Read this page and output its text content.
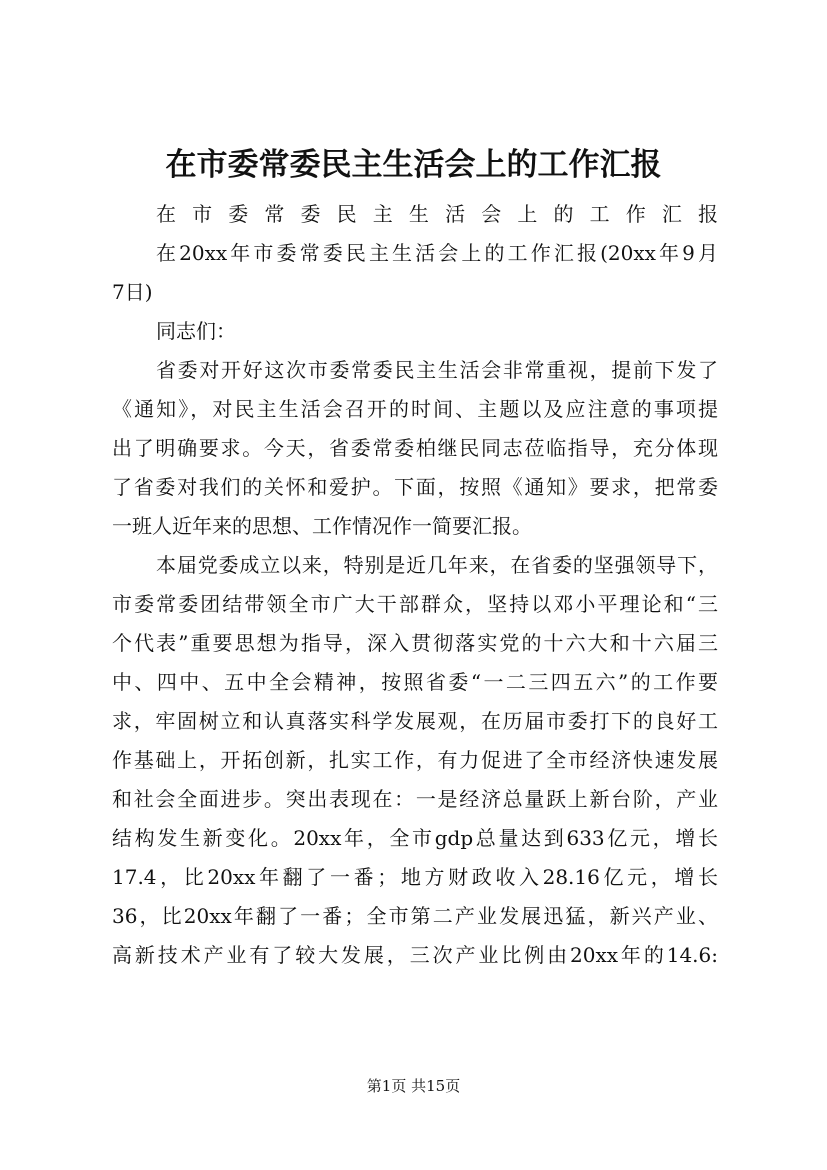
在市委常委民主生活会上的工作汇报
在市委常委民主生活会上的工作汇报
在20xx年市委常委民主生活会上的工作汇报(20xx年9月
7日)
同志们：
省委对开好这次市委常委民主生活会非常重视，提前下发了
《通知》，对民主生活会召开的时间、主题以及应注意的事项提
出了明确要求。今天，省委常委柏继民同志莅临指导，充分体现
了省委对我们的关怀和爱护。下面，按照《通知》要求，把常委
一班人近年来的思想、工作情况作一简要汇报。
本届党委成立以来，特别是近几年来，在省委的坚强领导下，
市委常委团结带领全市广大干部群众，坚持以邓小平理论和“三
个代表”重要思想为指导，深入贯彻落实党的十六大和十六届三
中、四中、五中全会精神，按照省委“一二三四五六”的工作要
求，牢固树立和认真落实科学发展观，在历届市委打下的良好工
作基础上，开拓创新，扎实工作，有力促进了全市经济快速发展
和社会全面进步。突出表现在：一是经济总量跃上新台阶，产业
结构发生新变化。20xx年，全市gdp总量达到633亿元，增长
17.4，比20xx年翻了一番；地方财政收入28.16亿元，增长
36，比20xx年翻了一番；全市第二产业发展迅猛，新兴产业、
高新技术产业有了较大发展，三次产业比例由20xx年的14.6:
第1页 共15页
